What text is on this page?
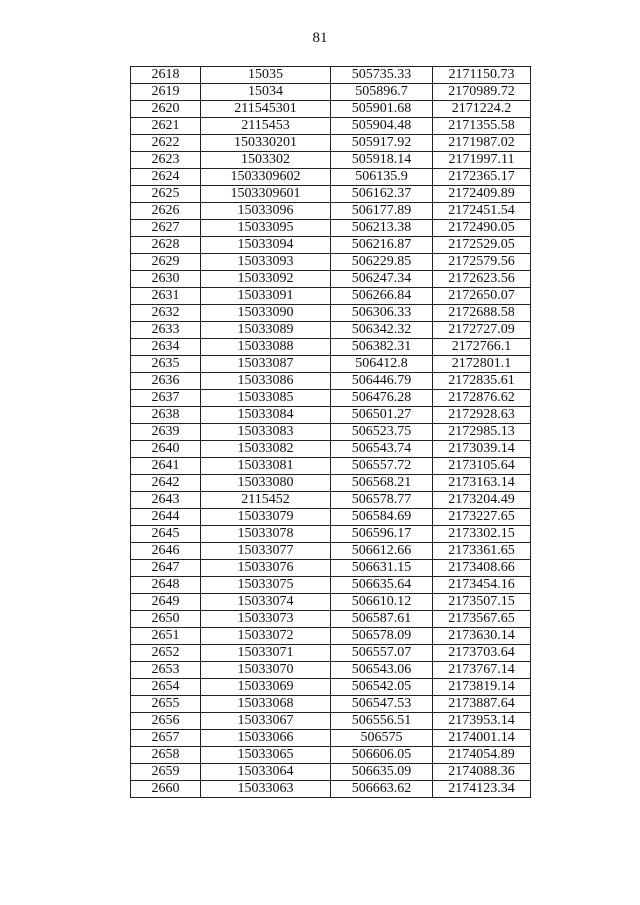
81
2618	15035	505735.33	2171150.73
2619	15034	505896.7	2170989.72
2620	211545301	505901.68	2171224.2
2621	2115453	505904.48	2171355.58
2622	150330201	505917.92	2171987.02
2623	1503302	505918.14	2171997.11
2624	1503309602	506135.9	2172365.17
2625	1503309601	506162.37	2172409.89
2626	15033096	506177.89	2172451.54
2627	15033095	506213.38	2172490.05
2628	15033094	506216.87	2172529.05
2629	15033093	506229.85	2172579.56
2630	15033092	506247.34	2172623.56
2631	15033091	506266.84	2172650.07
2632	15033090	506306.33	2172688.58
2633	15033089	506342.32	2172727.09
2634	15033088	506382.31	2172766.1
2635	15033087	506412.8	2172801.1
2636	15033086	506446.79	2172835.61
2637	15033085	506476.28	2172876.62
2638	15033084	506501.27	2172928.63
2639	15033083	506523.75	2172985.13
2640	15033082	506543.74	2173039.14
2641	15033081	506557.72	2173105.64
2642	15033080	506568.21	2173163.14
2643	2115452	506578.77	2173204.49
2644	15033079	506584.69	2173227.65
2645	15033078	506596.17	2173302.15
2646	15033077	506612.66	2173361.65
2647	15033076	506631.15	2173408.66
2648	15033075	506635.64	2173454.16
2649	15033074	506610.12	2173507.15
2650	15033073	506587.61	2173567.65
2651	15033072	506578.09	2173630.14
2652	15033071	506557.07	2173703.64
2653	15033070	506543.06	2173767.14
2654	15033069	506542.05	2173819.14
2655	15033068	506547.53	2173887.64
2656	15033067	506556.51	2173953.14
2657	15033066	506575	2174001.14
2658	15033065	506606.05	2174054.89
2659	15033064	506635.09	2174088.36
2660	15033063	506663.62	2174123.34
